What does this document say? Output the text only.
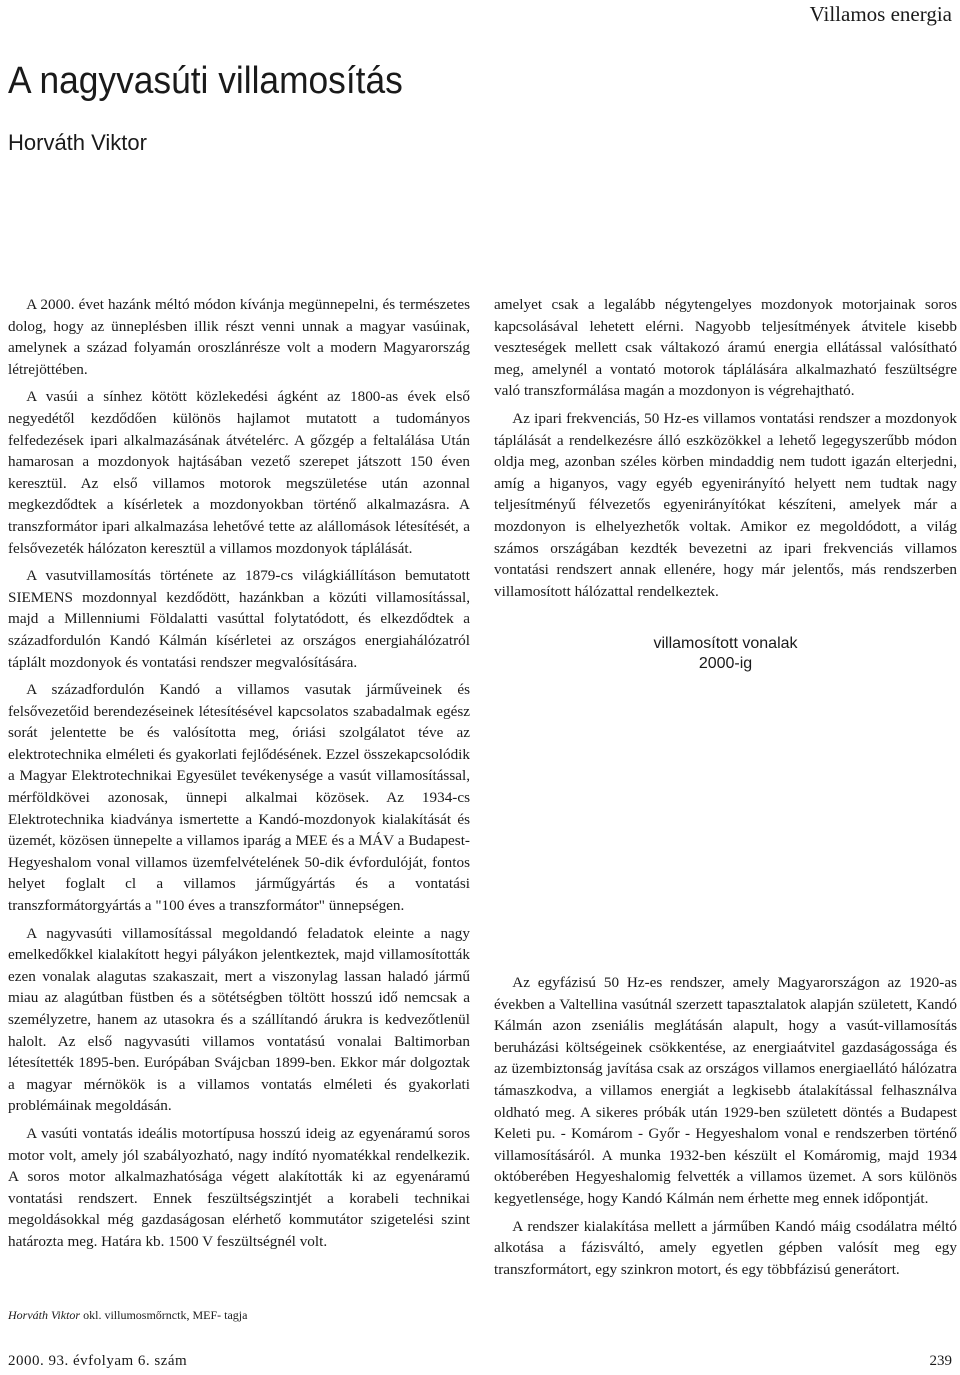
Villamos energia
A nagyvasúti villamosítás
Horváth Viktor

A 2000. évet hazánk méltó módon kívánja megünnepelni, és természetes dolog, hogy az ünneplésben illik részt venni unnak a magyar vasúinak, amelynek a század folyamán oroszlánrésze volt a modern Magyarország létrejöttében.

A vasúi a sínhez kötött közlekedési ágként az 1800-as évek első negyedétől kezdődően különös hajlamot mutatott a tudományos felfedezések ipari alkalmazásának átvételérc. A gőzgép a feltalálása Után hamarosan a mozdonyok hajtásában vezető szerepet játszott 150 éven keresztül. Az első villamos motorok megszületése után azonnal megkezdődtek a kísérletek a mozdonyokban történő alkalmazásra. A transzformátor ipari alkalmazása lehetővé tette az alállomások létesítését, a felsővezeték hálózaton keresztül a villamos mozdonyok táplálását.

A vasutvillamosítás története az 1879-cs világkiállításon bemutatott SIEMENS mozdonnyal kezdődött, hazánkban a közúti villamosítással, majd a Millenniumi Földalatti vasúttal folytatódott, és elkezdődtek a századfordulón Kandó Kálmán kísérletei az országos energiahálózatról táplált mozdonyok és vontatási rendszer megvalósítására.

A századfordulón Kandó a villamos vasutak járműveinek és felsővezetőid berendezéseinek létesítésével kapcsolatos szabadalmak egész sorát jelentette be és valósította meg, óriási szolgálatot téve az elektrotechnika elméleti és gyakorlati fejlődésének. Ezzel összekapcsolódik a Magyar Elektrotechnikai Egyesület tevékenysége a vasút villamosítással, mérföldkövei azonosak, ünnepi alkalmai közösek. Az 1934-cs Elektrotechnika kiadványa ismertette a Kandó-mozdonyok kialakítását és üzemét, közösen ünnepelte a villamos iparág a MEE és a MÁV a Budapest-Hegyeshalom vonal villamos üzemfelvételének 50-dik évfordulóját, fontos helyet foglalt cl a villamos járműgyártás és a vontatási transzformátorgyártás a "100 éves a transzformátor" ünnepségen.

A nagyvasúti villamosítással megoldandó feladatok eleinte a nagy emelkedőkkel kialakított hegyi pályákon jelentkeztek, majd villamosították ezen vonalak alagutas szakaszait, mert a viszonylag lassan haladó jármű miau az alagútban füstben és a sötétségben töltött hosszú idő nemcsak a személyzetre, hanem az utasokra és a szállítandó árukra is kedvezőtlenül halolt. Az első nagyvasúti villamos vontatású vonalai Baltimorban létesítették 1895-ben. Európában Svájcban 1899-ben. Ekkor már dolgoztak a magyar mérnökök is a villamos vontatás elméleti és gyakorlati problémáinak megoldásán.

A vasúti vontatás ideális motortípusa hosszú ideig az egyenáramú soros motor volt, amely jól szabályozható, nagy indító nyomatékkal rendelkezik. A soros motor alkalmazhatósága végett alakították ki az egyenáramú vontatási rendszert. Ennek feszültségszintjét a korabeli technikai megoldásokkal még gazdaságosan elérhető kommutátor szigetelési szint határozta meg. Határa kb. 1500 V feszültségnél volt.

amelyet csak a legalább négytengelyes mozdonyok motorjainak soros kapcsolásával lehetett elérni. Nagyobb teljesítmények átvitele kisebb veszteségek mellett csak váltakozó áramú energia ellátással valósítható meg, amelynél a vontató motorok táplálására alkalmazható feszültségre való transzformálása magán a mozdonyon is végrehajtható.

Az ipari frekvenciás, 50 Hz-es villamos vontatási rendszer a mozdonyok táplálását a rendelkezésre álló eszközökkel a lehető legegyszerűbb módon oldja meg, azonban széles körben mindaddig nem tudott igazán elterjedni, amíg a higanyos, vagy egyéb egyenirányító helyett nem tudtak nagy teljesítményű félvezetős egyenirányítókat készíteni, amelyek már a mozdonyon is elhelyezhetők voltak. Amikor ez megoldódott, a világ számos országában kezdték bevezetni az ipari frekvenciás villamos vontatási rendszert annak ellenére, hogy már jelentős, más rendszerben villamosított hálózattal rendelkeztek.

villamosított vonalak
2000-ig

Az egyfázisú 50 Hz-es rendszer, amely Magyarországon az 1920-as években a Valtellina vasútnál szerzett tapasztalatok alapján született, Kandó Kálmán azon zseniális meglátásán alapult, hogy a vasút-villamosítás beruházási költségeinek csökkentése, az energiaátvitel gazdaságossága és az üzembiztonság javítása csak az országos villamos energiaellátó hálózatra támaszkodva, a villamos energiát a legkisebb átalakítással felhasználva oldható meg. A sikeres próbák után 1929-ben született döntés a Budapest Keleti pu. - Komárom - Győr - Hegyeshalom vonal e rendszerben történő villamosításáról. A munka 1932-ben készült el Komáromig, majd 1934 októberében Hegyeshalomig felvették a villamos üzemet. A sors különös kegyetlensége, hogy Kandó Kálmán nem érhette meg ennek időpontját.

A rendszer kialakítása mellett a járműben Kandó máig csodálatra méltó alkotása a fázisváltó, amely egyetlen gépben valósít meg egy transzformátort, egy szinkron motort, és egy többfázisú generátort.

Horváth Viktor okl. villumosmőrnctk, MEF- tagja
2000. 93. évfolyam 6. szám	239
